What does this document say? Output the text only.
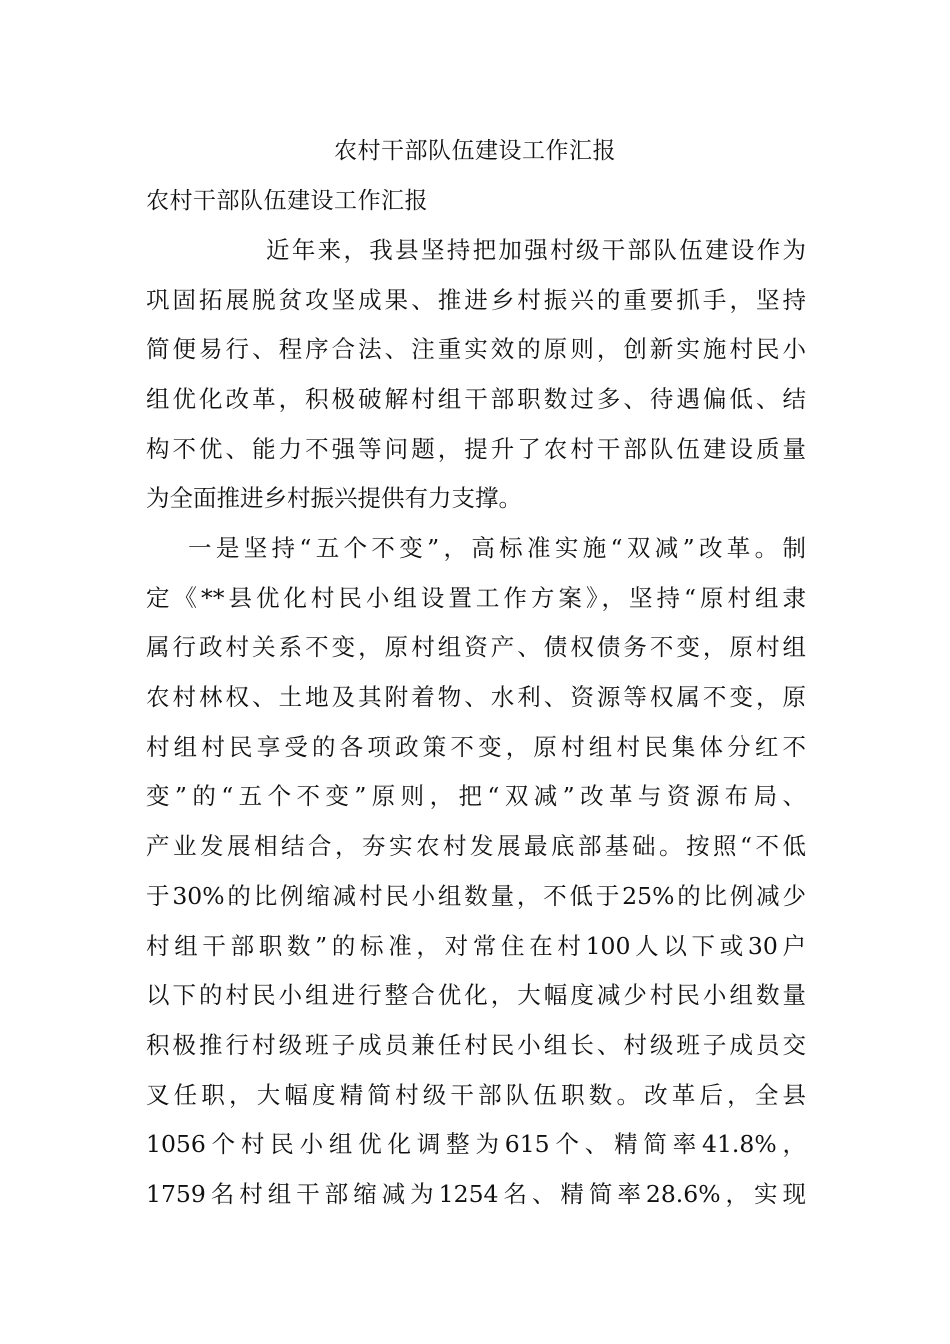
农村干部队伍建设工作汇报
农村干部队伍建设工作汇报
近年来，我县坚持把加强村级干部队伍建设作为
巩固拓展脱贫攻坚成果、推进乡村振兴的重要抓手，坚持
简便易行、程序合法、注重实效的原则，创新实施村民小
组优化改革，积极破解村组干部职数过多、待遇偏低、结
构不优、能力不强等问题，提升了农村干部队伍建设质量
为全面推进乡村振兴提供有力支撑。
一是坚持“五个不变”，高标准实施“双减”改革。制
定《**县优化村民小组设置工作方案》，坚持“原村组隶
属行政村关系不变，原村组资产、债权债务不变，原村组
农村林权、土地及其附着物、水利、资源等权属不变，原
村组村民享受的各项政策不变，原村组村民集体分红不
变”的“五个不变”原则，把“双减”改革与资源布局、
产业发展相结合，夯实农村发展最底部基础。按照“不低
于30%的比例缩减村民小组数量，不低于25%的比例减少
村组干部职数”的标准，对常住在村100人以下或30户
以下的村民小组进行整合优化，大幅度减少村民小组数量
积极推行村级班子成员兼任村民小组长、村级班子成员交
叉任职，大幅度精简村级干部队伍职数。改革后，全县
1056个村民小组优化调整为615个、精简率41.8%，
1759名村组干部缩减为1254名、精简率28.6%，实现
